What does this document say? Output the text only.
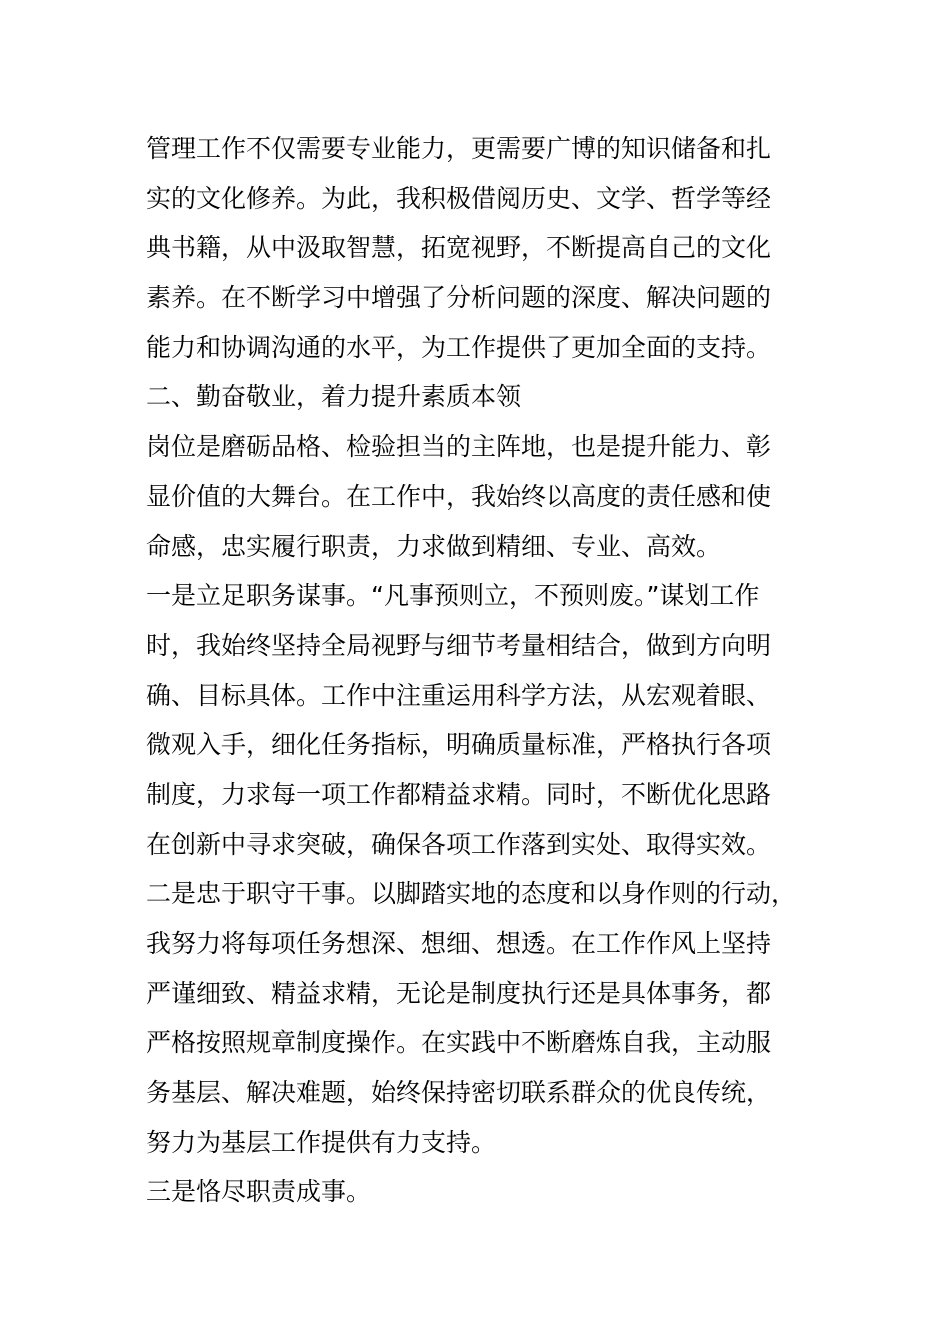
管理工作不仅需要专业能力，更需要广博的知识储备和扎
实的文化修养。为此，我积极借阅历史、文学、哲学等经
典书籍，从中汲取智慧，拓宽视野，不断提高自己的文化
素养。在不断学习中增强了分析问题的深度、解决问题的
能力和协调沟通的水平，为工作提供了更加全面的支持。
二、勤奋敬业，着力提升素质本领
岗位是磨砺品格、检验担当的主阵地，也是提升能力、彰
显价值的大舞台。在工作中，我始终以高度的责任感和使
命感，忠实履行职责，力求做到精细、专业、高效。
一是立足职务谋事。“凡事预则立，不预则废。”谋划工作
时，我始终坚持全局视野与细节考量相结合，做到方向明
确、目标具体。工作中注重运用科学方法，从宏观着眼、
微观入手，细化任务指标，明确质量标准，严格执行各项
制度，力求每一项工作都精益求精。同时，不断优化思路
在创新中寻求突破，确保各项工作落到实处、取得实效。
二是忠于职守干事。以脚踏实地的态度和以身作则的行动，
我努力将每项任务想深、想细、想透。在工作作风上坚持
严谨细致、精益求精，无论是制度执行还是具体事务，都
严格按照规章制度操作。在实践中不断磨炼自我，主动服
务基层、解决难题，始终保持密切联系群众的优良传统，
努力为基层工作提供有力支持。
三是恪尽职责成事。
